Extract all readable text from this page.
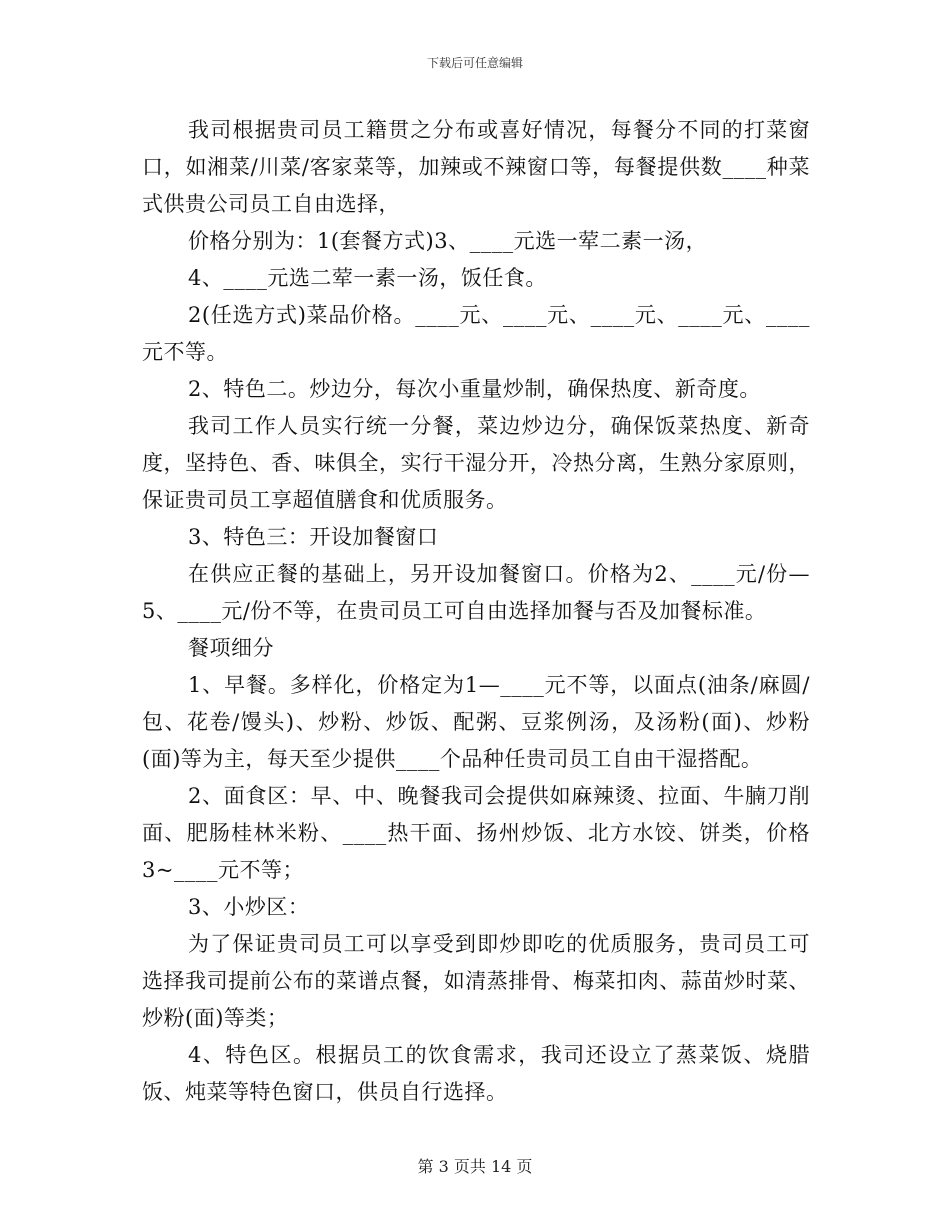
下载后可任意编辑

我司根据贵司员工籍贯之分布或喜好情况，每餐分不同的打菜窗口，如湘菜/川菜/客家菜等，加辣或不辣窗口等，每餐提供数____种菜式供贵公司员工自由选择，

价格分别为：1(套餐方式)3、____元选一荤二素一汤，

4、____元选二荤一素一汤，饭任食。

2(任选方式)菜品价格。____元、____元、____元、____元、____元不等。

2、特色二。炒边分，每次小重量炒制，确保热度、新奇度。

我司工作人员实行统一分餐，菜边炒边分，确保饭菜热度、新奇度，坚持色、香、味俱全，实行干湿分开，冷热分离，生熟分家原则，保证贵司员工享超值膳食和优质服务。

3、特色三：开设加餐窗口

在供应正餐的基础上，另开设加餐窗口。价格为2、____元/份—5、____元/份不等，在贵司员工可自由选择加餐与否及加餐标准。

餐项细分

1、早餐。多样化，价格定为1—____元不等，以面点(油条/麻圆/包、花卷/馒头)、炒粉、炒饭、配粥、豆浆例汤，及汤粉(面)、炒粉(面)等为主，每天至少提供____个品种任贵司员工自由干湿搭配。

2、面食区：早、中、晚餐我司会提供如麻辣烫、拉面、牛腩刀削面、肥肠桂林米粉、____热干面、扬州炒饭、北方水饺、饼类，价格3~____元不等；

3、小炒区：

为了保证贵司员工可以享受到即炒即吃的优质服务，贵司员工可选择我司提前公布的菜谱点餐，如清蒸排骨、梅菜扣肉、蒜苗炒时菜、炒粉(面)等类；

4、特色区。根据员工的饮食需求，我司还设立了蒸菜饭、烧腊饭、炖菜等特色窗口，供员自行选择。

第 3 页共 14 页
